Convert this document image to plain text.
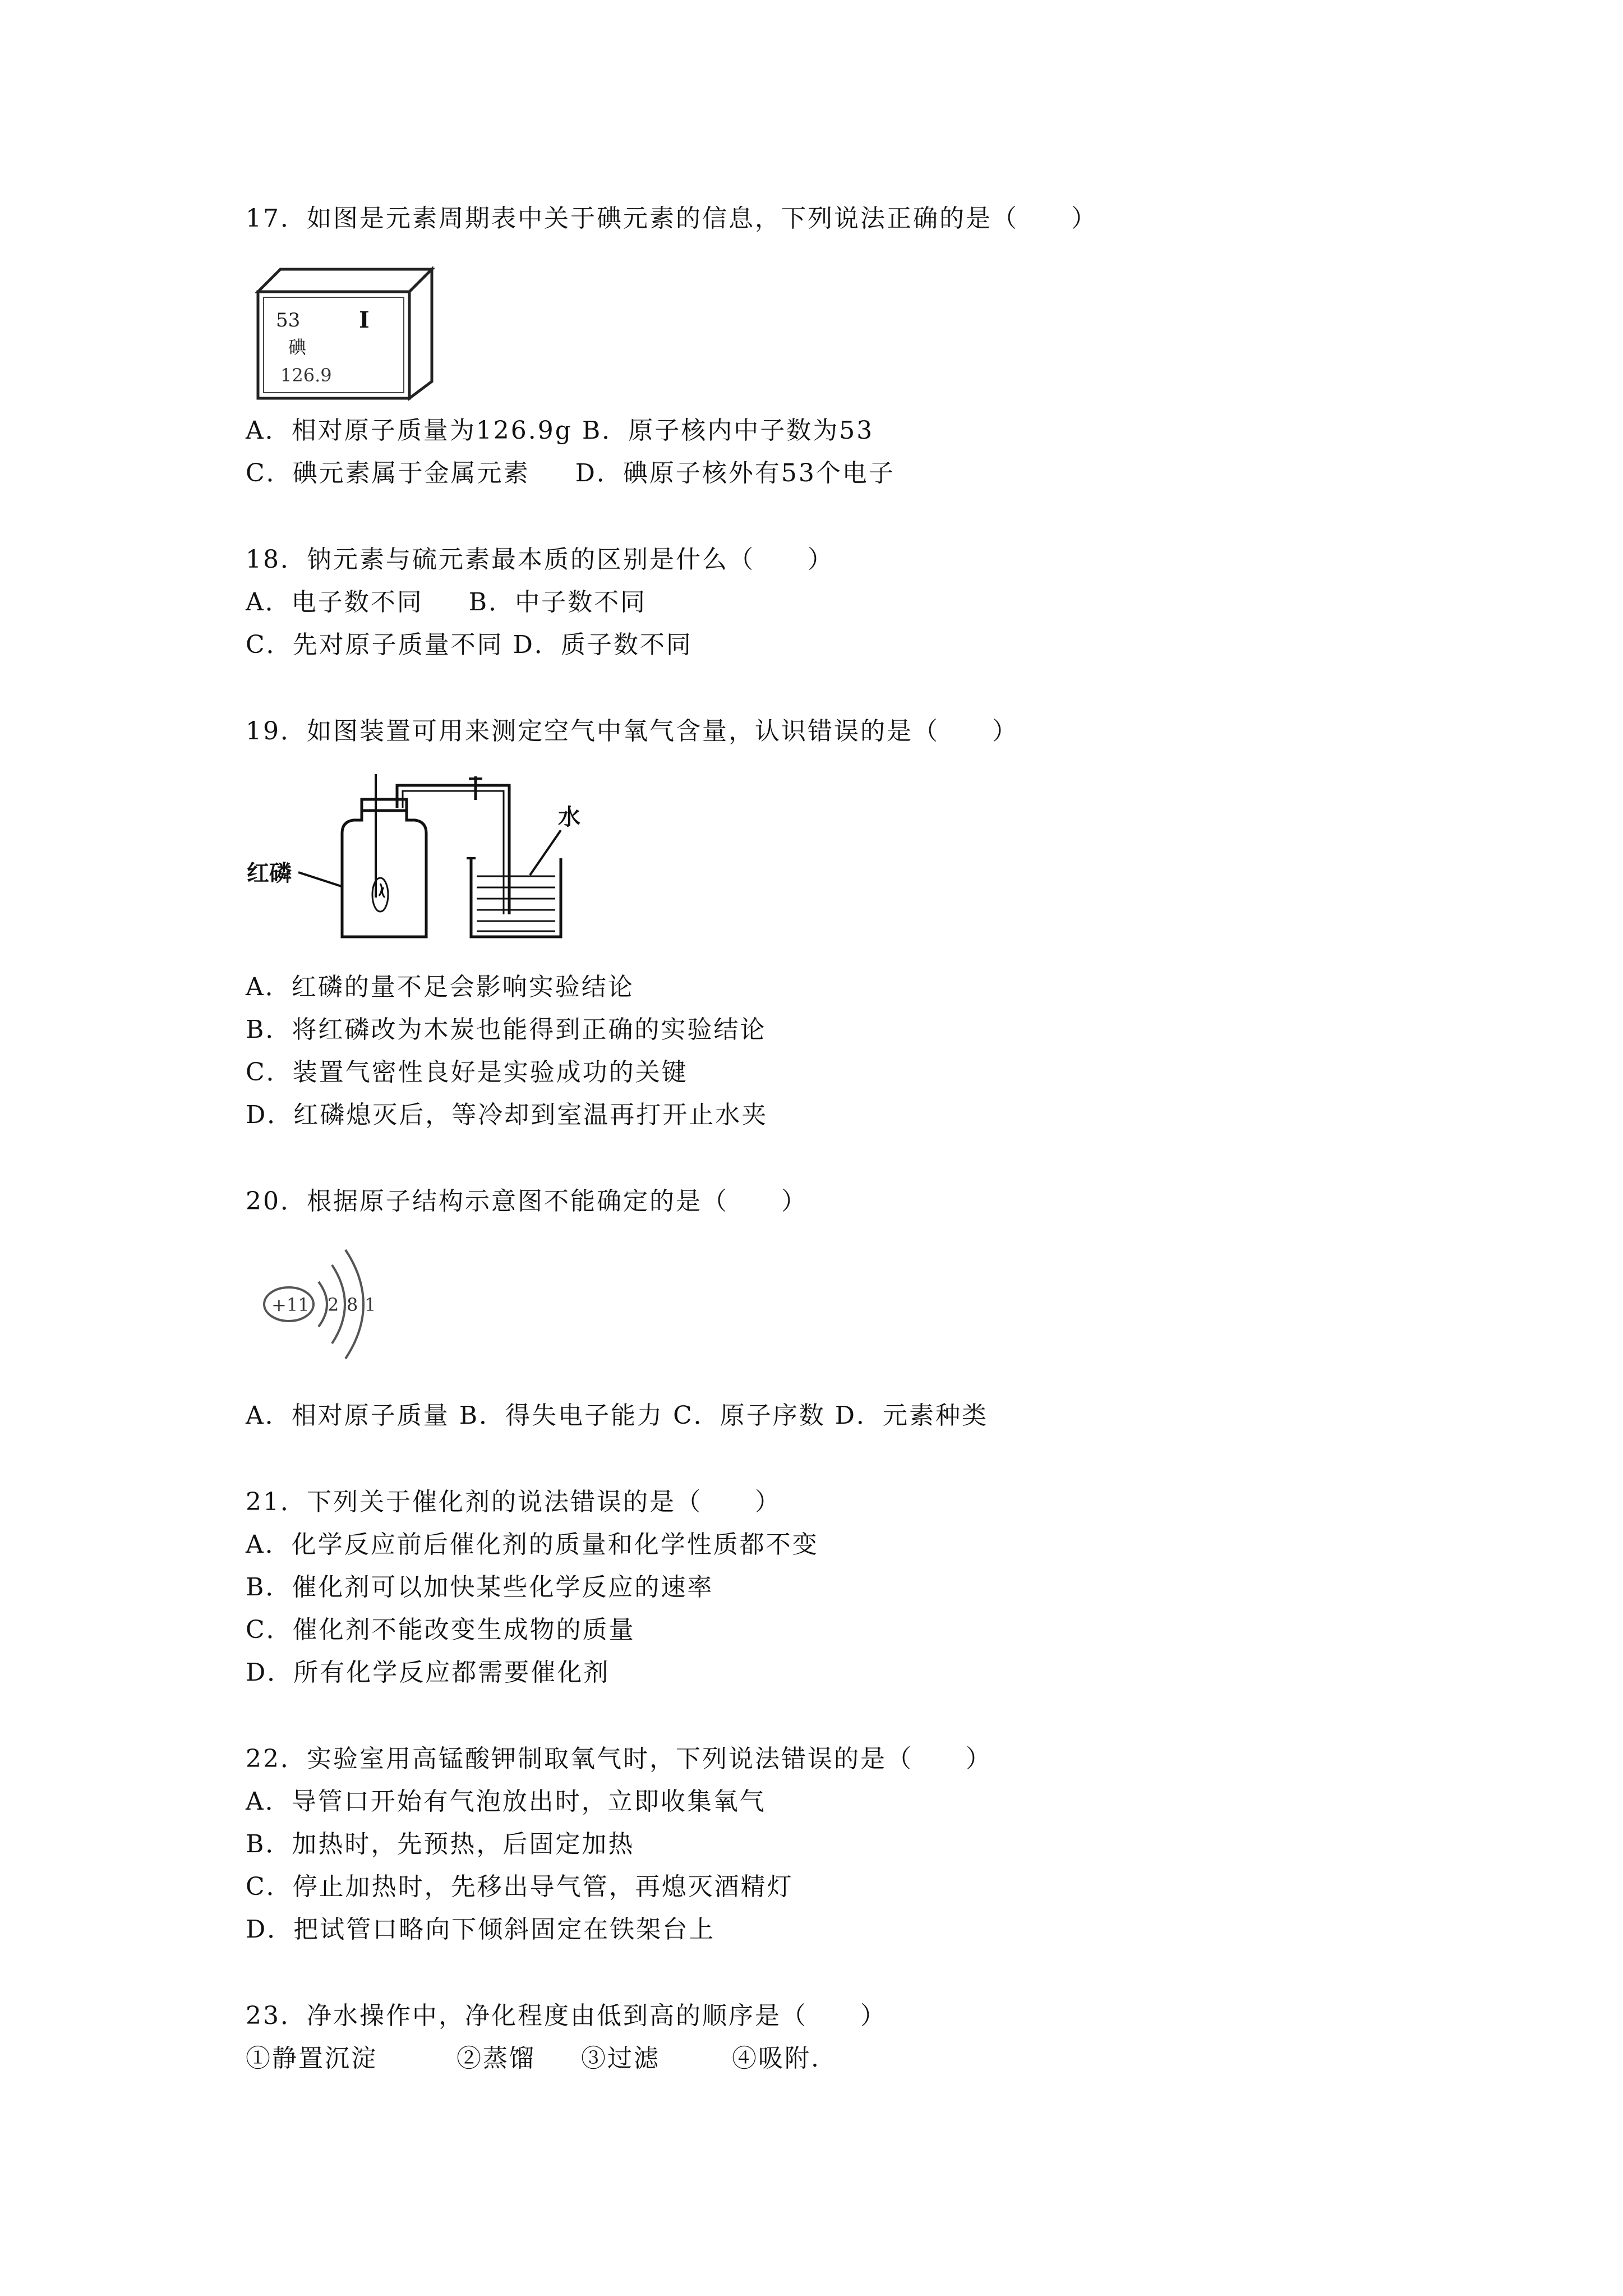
17．如图是元素周期表中关于碘元素的信息，下列说法正确的是（　　）
53	I
碘
126.9
A．相对原子质量为126.9g B．原子核内中子数为53
C．碘元素属于金属元素　  D．碘原子核外有53个电子
18．钠元素与硫元素最本质的区别是什么（　　）
A．电子数不同　  B．中子数不同
C．先对原子质量不同 D．质子数不同
19．如图装置可用来测定空气中氧气含量，认识错误的是（　　）
红磷
水
A．红磷的量不足会影响实验结论
B．将红磷改为木炭也能得到正确的实验结论
C．装置气密性良好是实验成功的关键
D．红磷熄灭后，等冷却到室温再打开止水夹
20．根据原子结构示意图不能确定的是（　　）
+11 2 8 1
A．相对原子质量 B．得失电子能力 C．原子序数 D．元素种类
21．下列关于催化剂的说法错误的是（　　）
A．化学反应前后催化剂的质量和化学性质都不变
B．催化剂可以加快某些化学反应的速率
C．催化剂不能改变生成物的质量
D．所有化学反应都需要催化剂
22．实验室用高锰酸钾制取氧气时，下列说法错误的是（　　）
A．导管口开始有气泡放出时，立即收集氧气
B．加热时，先预热，后固定加热
C．停止加热时，先移出导气管，再熄灭酒精灯
D．把试管口略向下倾斜固定在铁架台上
23．净水操作中，净化程度由低到高的顺序是（　　）
①静置沉淀　　　②蒸馏　  ③过滤　　  ④吸附.
